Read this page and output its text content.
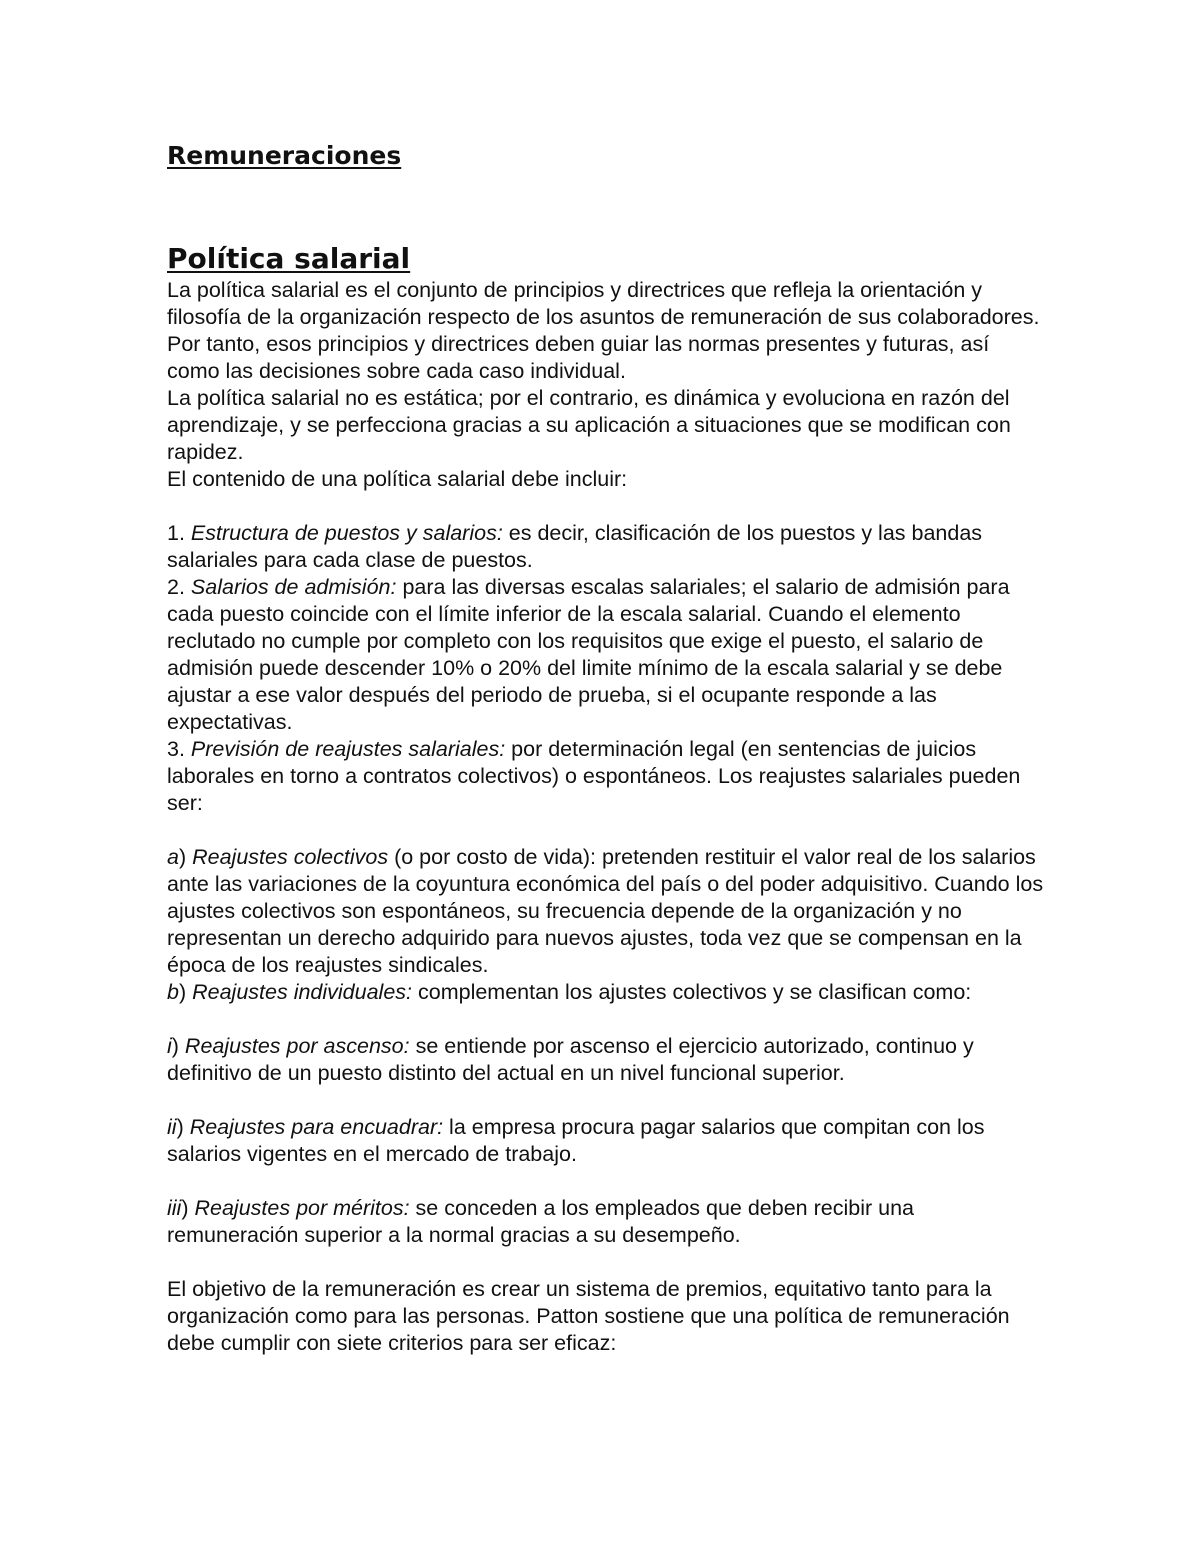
Remuneraciones
Política salarial

La política salarial es el conjunto de principios y directrices que refleja la orientación y filosofía de la organización respecto de los asuntos de remuneración de sus colaboradores. Por tanto, esos principios y directrices deben guiar las normas presentes y futuras, así como las decisiones sobre cada caso individual.

La política salarial no es estática; por el contrario, es dinámica y evoluciona en razón del aprendizaje, y se perfecciona gracias a su aplicación a situaciones que se modifican con rapidez.

El contenido de una política salarial debe incluir:

1. Estructura de puestos y salarios: es decir, clasificación de los puestos y las bandas salariales para cada clase de puestos.

2. Salarios de admisión: para las diversas escalas salariales; el salario de admisión para cada puesto coincide con el límite inferior de la escala salarial. Cuando el elemento reclutado no cumple por completo con los requisitos que exige el puesto, el salario de admisión puede descender 10% o 20% del limite mínimo de la escala salarial y se debe ajustar a ese valor después del periodo de prueba, si el ocupante responde a las expectativas.

3. Previsión de reajustes salariales: por determinación legal (en sentencias de juicios laborales en torno a contratos colectivos) o espontáneos. Los reajustes salariales pueden ser:

a) Reajustes colectivos (o por costo de vida): pretenden restituir el valor real de los salarios ante las variaciones de la coyuntura económica del país o del poder adquisitivo. Cuando los ajustes colectivos son espontáneos, su frecuencia depende de la organización y no representan un derecho adquirido para nuevos ajustes, toda vez que se compensan en la época de los reajustes sindicales.

b) Reajustes individuales: complementan los ajustes colectivos y se clasifican como:

i) Reajustes por ascenso: se entiende por ascenso el ejercicio autorizado, continuo y definitivo de un puesto distinto del actual en un nivel funcional superior.

ii) Reajustes para encuadrar: la empresa procura pagar salarios que compitan con los salarios vigentes en el mercado de trabajo.

iii) Reajustes por méritos: se conceden a los empleados que deben recibir una remuneración superior a la normal gracias a su desempeño.

El objetivo de la remuneración es crear un sistema de premios, equitativo tanto para la organización como para las personas. Patton sostiene que una política de remuneración debe cumplir con siete criterios para ser eficaz:
